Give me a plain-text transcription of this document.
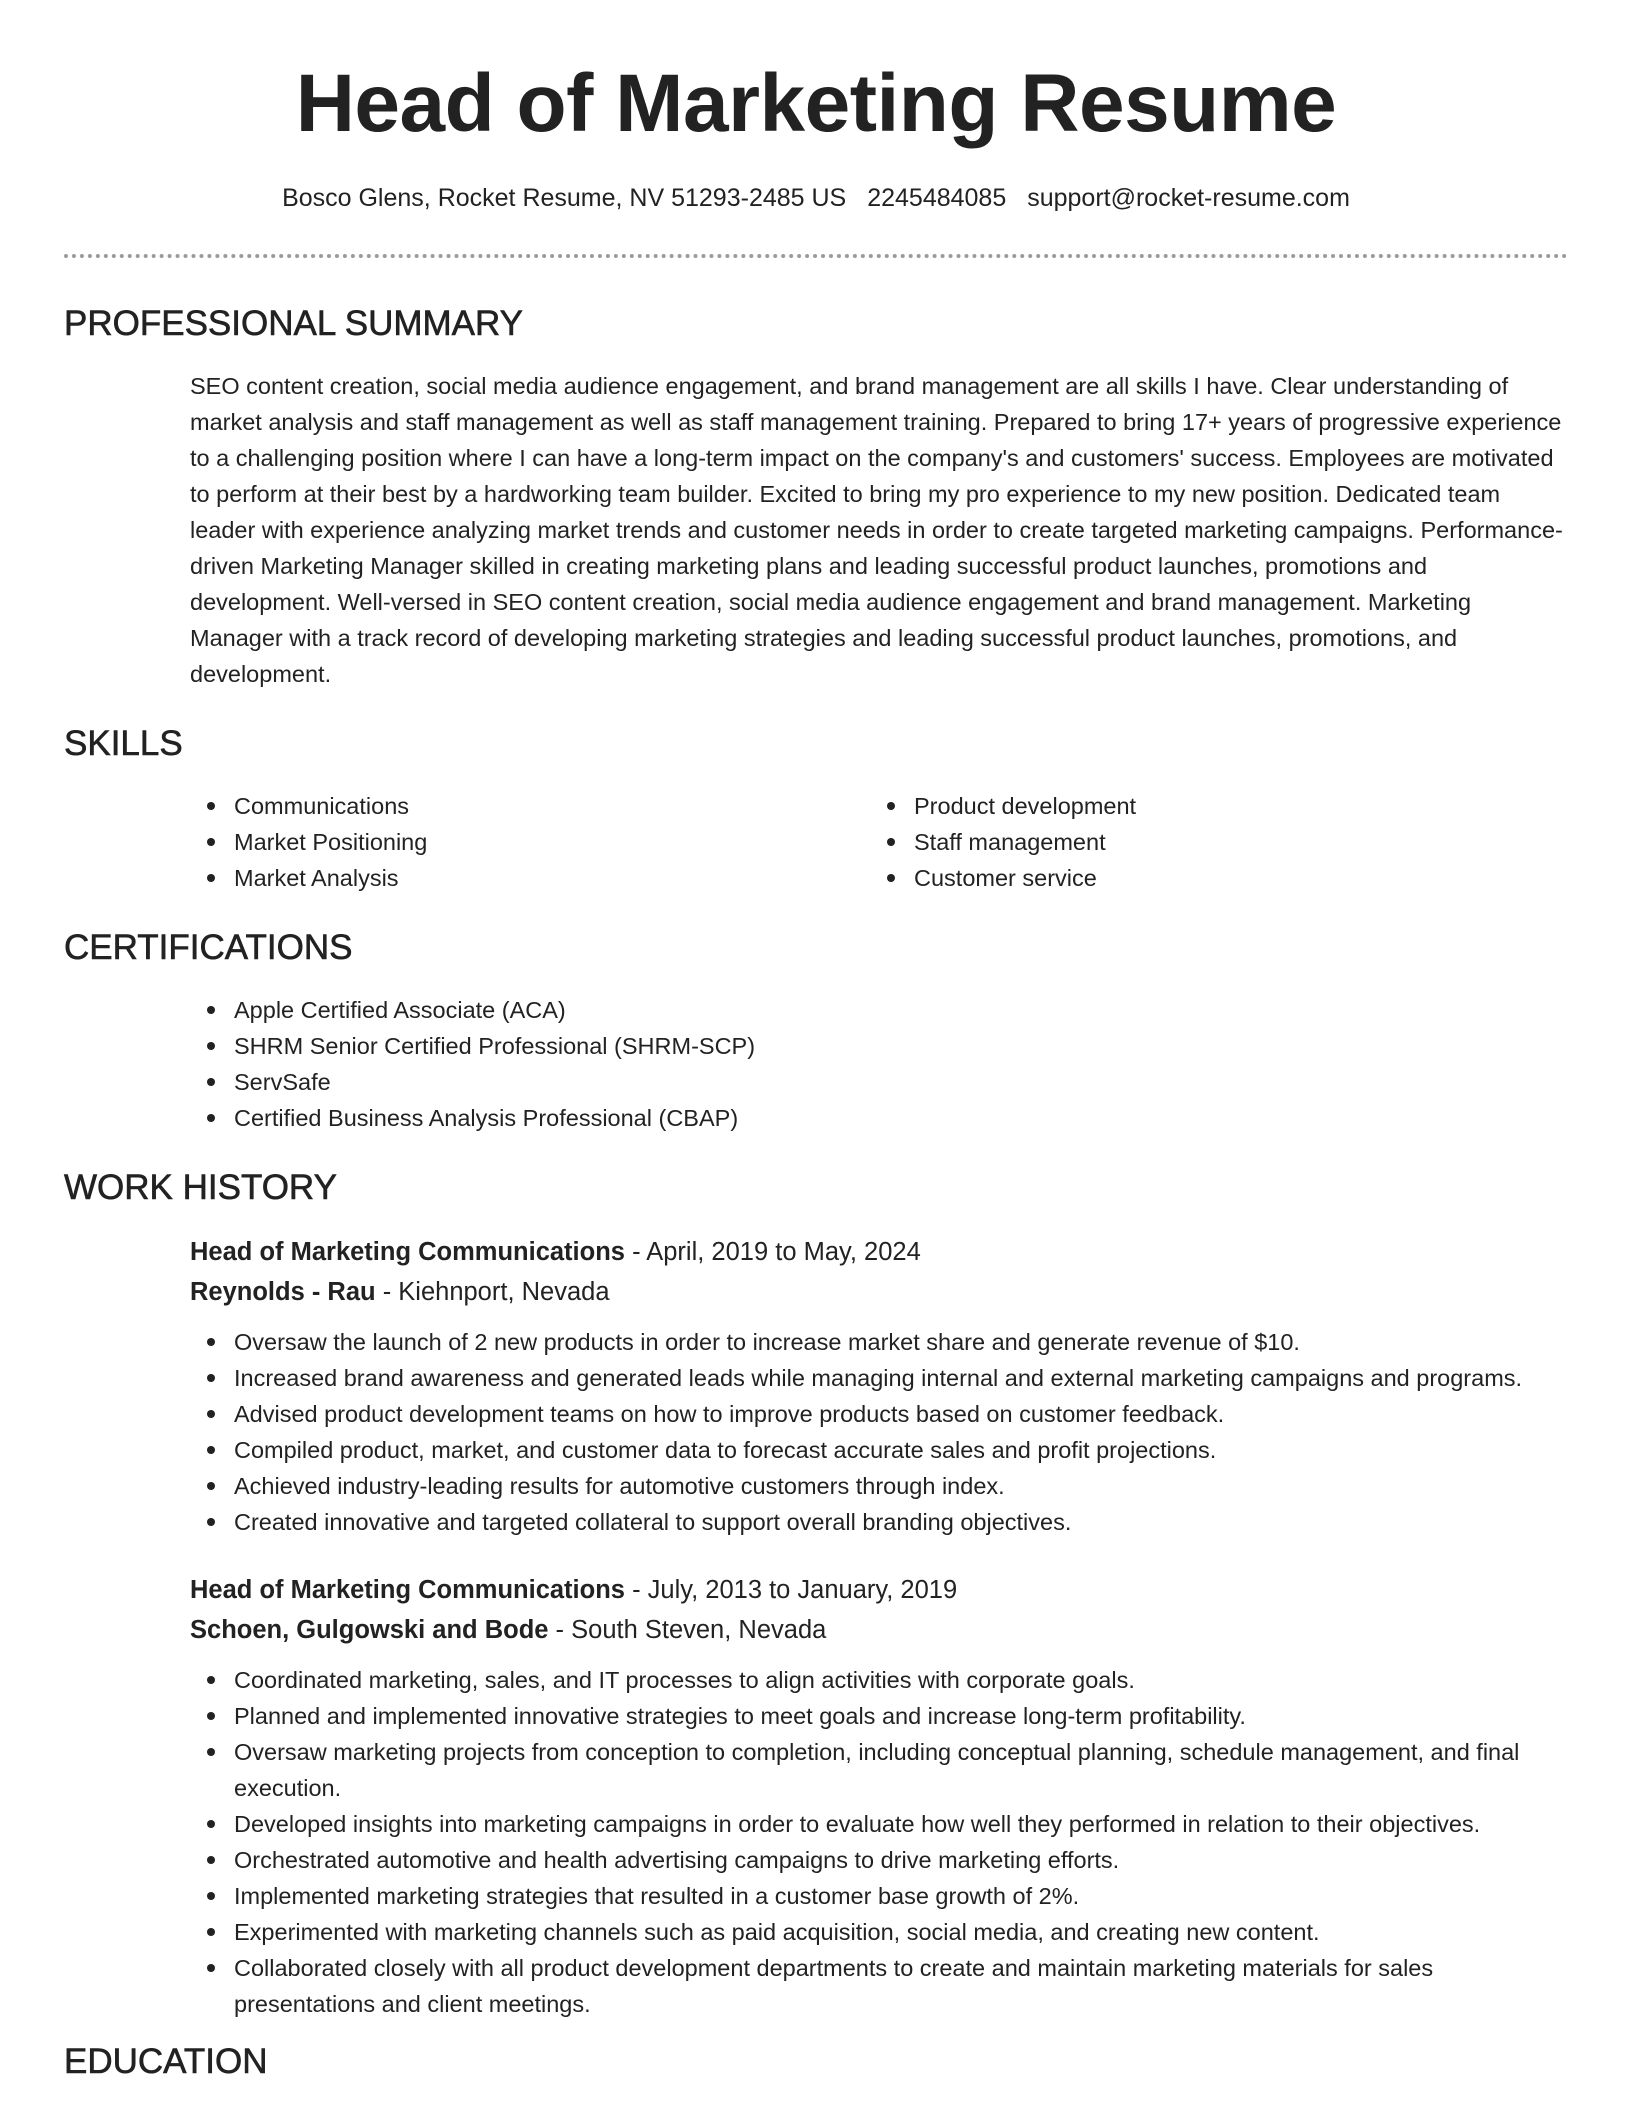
Head of Marketing Resume
Bosco Glens, Rocket Resume, NV 51293-2485 US 2245484085 support@rocket-resume.com
PROFESSIONAL SUMMARY

SEO content creation, social media audience engagement, and brand management are all skills I have. Clear understanding of market analysis and staff management as well as staff management training. Prepared to bring 17+ years of progressive experience to a challenging position where I can have a long-term impact on the company's and customers' success. Employees are motivated to perform at their best by a hardworking team builder. Excited to bring my pro experience to my new position. Dedicated team leader with experience analyzing market trends and customer needs in order to create targeted marketing campaigns. Performance-driven Marketing Manager skilled in creating marketing plans and leading successful product launches, promotions and development. Well-versed in SEO content creation, social media audience engagement and brand management. Marketing Manager with a track record of developing marketing strategies and leading successful product launches, promotions, and development.

SKILLS
Communications
Market Positioning
Market Analysis
Product development
Staff management
Customer service
CERTIFICATIONS
Apple Certified Associate (ACA)
SHRM Senior Certified Professional (SHRM-SCP)
ServSafe
Certified Business Analysis Professional (CBAP)
WORK HISTORY
Head of Marketing Communications - April, 2019 to May, 2024
Reynolds - Rau - Kiehnport, Nevada
Oversaw the launch of 2 new products in order to increase market share and generate revenue of $10.
Increased brand awareness and generated leads while managing internal and external marketing campaigns and programs.
Advised product development teams on how to improve products based on customer feedback.
Compiled product, market, and customer data to forecast accurate sales and profit projections.
Achieved industry-leading results for automotive customers through index.
Created innovative and targeted collateral to support overall branding objectives.
Head of Marketing Communications - July, 2013 to January, 2019
Schoen, Gulgowski and Bode - South Steven, Nevada
Coordinated marketing, sales, and IT processes to align activities with corporate goals.
Planned and implemented innovative strategies to meet goals and increase long-term profitability.
Oversaw marketing projects from conception to completion, including conceptual planning, schedule management, and final execution.
Developed insights into marketing campaigns in order to evaluate how well they performed in relation to their objectives.
Orchestrated automotive and health advertising campaigns to drive marketing efforts.
Implemented marketing strategies that resulted in a customer base growth of 2%.
Experimented with marketing channels such as paid acquisition, social media, and creating new content.
Collaborated closely with all product development departments to create and maintain marketing materials for sales presentations and client meetings.
EDUCATION
